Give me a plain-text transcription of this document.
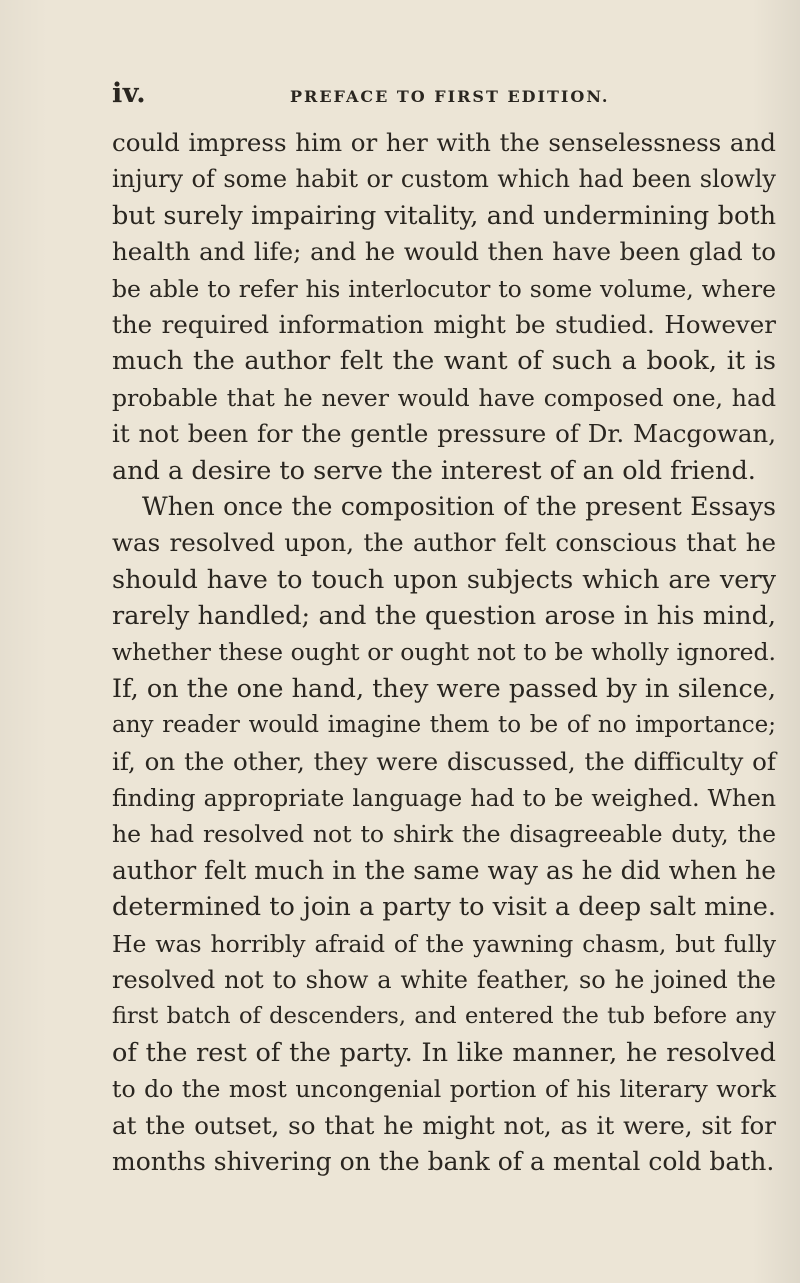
iv.	PREFACE TO FIRST EDITION.
could impress him or her with the senselessness and
injury of some habit or custom which had been slowly
but surely impairing vitality, and undermining both
health and life; and he would then have been glad to
be able to refer his interlocutor to some volume, where
the required information might be studied. However
much the author felt the want of such a book, it is
probable that he never would have composed one, had
it not been for the gentle pressure of Dr. Macgowan,
and a desire to serve the interest of an old friend.
When once the composition of the present Essays
was resolved upon, the author felt conscious that he
should have to touch upon subjects which are very
rarely handled; and the question arose in his mind,
whether these ought or ought not to be wholly ignored.
If, on the one hand, they were passed by in silence,
any reader would imagine them to be of no importance;
if, on the other, they were discussed, the difficulty of
finding appropriate language had to be weighed. When
he had resolved not to shirk the disagreeable duty, the
author felt much in the same way as he did when he
determined to join a party to visit a deep salt mine.
He was horribly afraid of the yawning chasm, but fully
resolved not to show a white feather, so he joined the
first batch of descenders, and entered the tub before any
of the rest of the party. In like manner, he resolved
to do the most uncongenial portion of his literary work
at the outset, so that he might not, as it were, sit for
months shivering on the bank of a mental cold bath.
